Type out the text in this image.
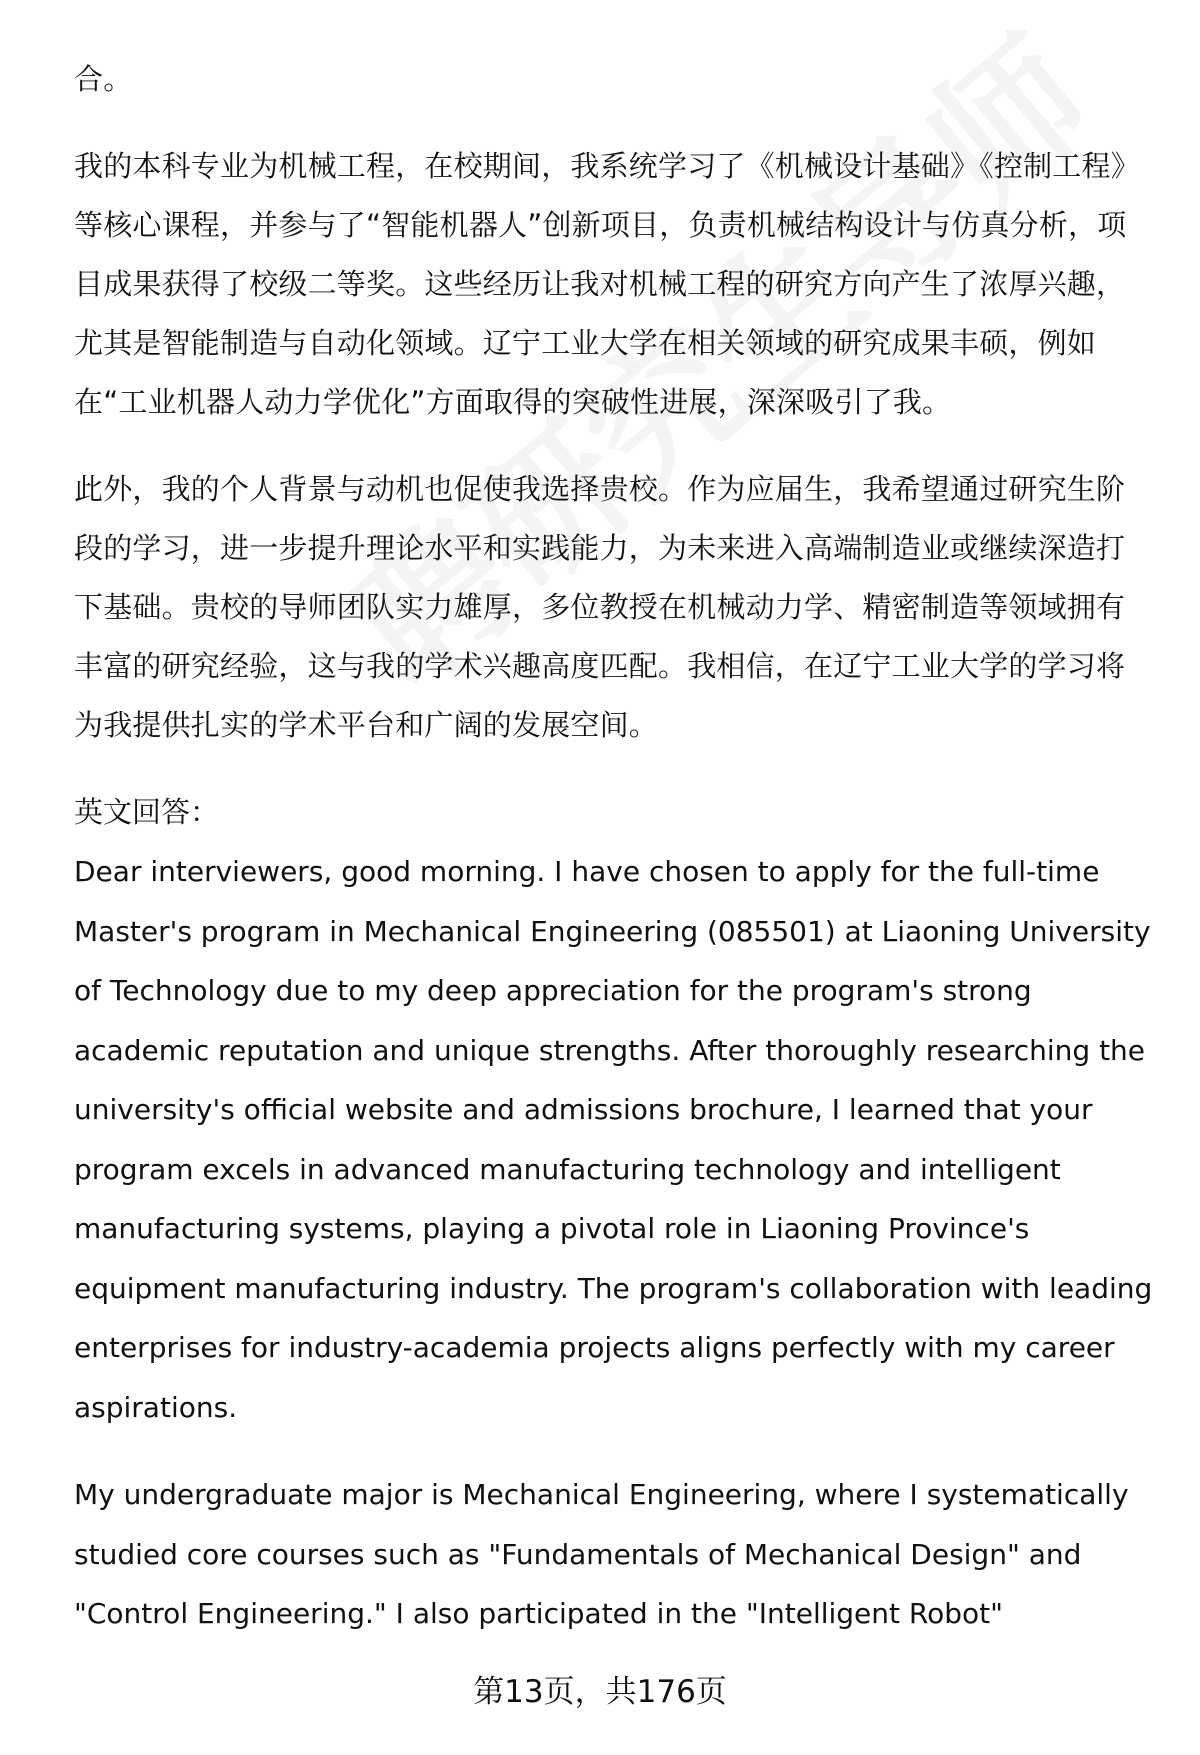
合。

我的本科专业为机械工程，在校期间，我系统学习了《机械设计基础》《控制工程》等核心课程，并参与了“智能机器人”创新项目，负责机械结构设计与仿真分析，项目成果获得了校级二等奖。这些经历让我对机械工程的研究方向产生了浓厚兴趣，尤其是智能制造与自动化领域。辽宁工业大学在相关领域的研究成果丰硕，例如在“工业机器人动力学优化”方面取得的突破性进展，深深吸引了我。

此外，我的个人背景与动机也促使我选择贵校。作为应届生，我希望通过研究生阶段的学习，进一步提升理论水平和实践能力，为未来进入高端制造业或继续深造打下基础。贵校的导师团队实力雄厚，多位教授在机械动力学、精密制造等领域拥有丰富的研究经验，这与我的学术兴趣高度匹配。我相信，在辽宁工业大学的学习将为我提供扎实的学术平台和广阔的发展空间。

英文回答：

Dear interviewers, good morning. I have chosen to apply for the full-time Master's program in Mechanical Engineering (085501) at Liaoning University of Technology due to my deep appreciation for the program's strong academic reputation and unique strengths. After thoroughly researching the university's official website and admissions brochure, I learned that your program excels in advanced manufacturing technology and intelligent manufacturing systems, playing a pivotal role in Liaoning Province's equipment manufacturing industry. The program's collaboration with leading enterprises for industry-academia projects aligns perfectly with my career aspirations.

My undergraduate major is Mechanical Engineering, where I systematically studied core courses such as "Fundamentals of Mechanical Design" and "Control Engineering." I also participated in the "Intelligent Robot"

第13页，共176页
